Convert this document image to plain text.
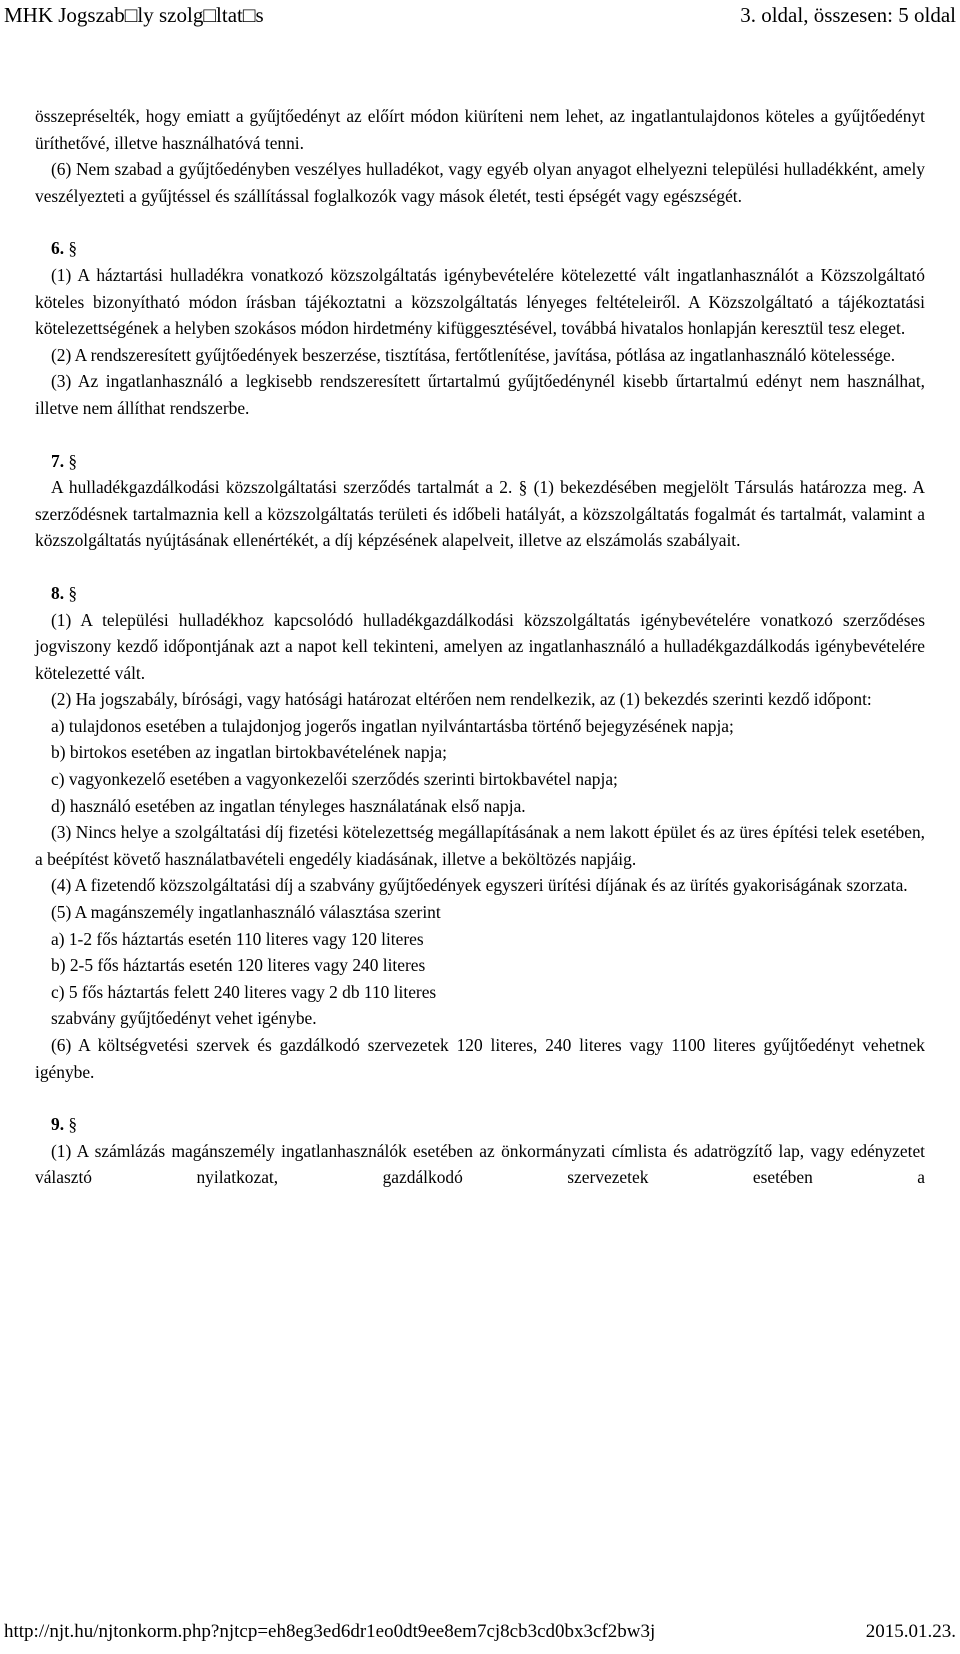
MHK Jogszab□ly szolg□ltat□s	3. oldal, összesen: 5 oldal

összepréselték, hogy emiatt a gyűjtőedényt az előírt módon kiüríteni nem lehet, az ingatlantulajdonos köteles a gyűjtőedényt üríthetővé, illetve használhatóvá tenni.

(6) Nem szabad a gyűjtőedényben veszélyes hulladékot, vagy egyéb olyan anyagot elhelyezni települési hulladékként, amely veszélyezteti a gyűjtéssel és szállítással foglalkozók vagy mások életét, testi épségét vagy egészségét.

6. §

(1) A háztartási hulladékra vonatkozó közszolgáltatás igénybevételére kötelezetté vált ingatlanhasználót a Közszolgáltató köteles bizonyítható módon írásban tájékoztatni a közszolgáltatás lényeges feltételeiről. A Közszolgáltató a tájékoztatási kötelezettségének a helyben szokásos módon hirdetmény kifüggesztésével, továbbá hivatalos honlapján keresztül tesz eleget.

(2) A rendszeresített gyűjtőedények beszerzése, tisztítása, fertőtlenítése, javítása, pótlása az ingatlanhasználó kötelessége.

(3) Az ingatlanhasználó a legkisebb rendszeresített űrtartalmú gyűjtőedénynél kisebb űrtartalmú edényt nem használhat, illetve nem állíthat rendszerbe.

7. §

A hulladékgazdálkodási közszolgáltatási szerződés tartalmát a 2. § (1) bekezdésében megjelölt Társulás határozza meg. A szerződésnek tartalmaznia kell a közszolgáltatás területi és időbeli hatályát, a közszolgáltatás fogalmát és tartalmát, valamint a közszolgáltatás nyújtásának ellenértékét, a díj képzésének alapelveit, illetve az elszámolás szabályait.

8. §

(1) A települési hulladékhoz kapcsolódó hulladékgazdálkodási közszolgáltatás igénybevételére vonatkozó szerződéses jogviszony kezdő időpontjának azt a napot kell tekinteni, amelyen az ingatlanhasználó a hulladékgazdálkodás igénybevételére kötelezetté vált.

(2) Ha jogszabály, bírósági, vagy hatósági határozat eltérően nem rendelkezik, az (1) bekezdés szerinti kezdő időpont:

a) tulajdonos esetében a tulajdonjog jogerős ingatlan nyilvántartásba történő bejegyzésének napja;

b) birtokos esetében az ingatlan birtokbavételének napja;

c) vagyonkezelő esetében a vagyonkezelői szerződés szerinti birtokbavétel napja;

d) használó esetében az ingatlan tényleges használatának első napja.

(3) Nincs helye a szolgáltatási díj fizetési kötelezettség megállapításának a nem lakott épület és az üres építési telek esetében, a beépítést követő használatbavételi engedély kiadásának, illetve a beköltözés napjáig.

(4) A fizetendő közszolgáltatási díj a szabvány gyűjtőedények egyszeri ürítési díjának és az ürítés gyakoriságának szorzata.

(5) A magánszemély ingatlanhasználó választása szerint

a) 1-2 fős háztartás esetén 110 literes vagy 120 literes

b) 2-5 fős háztartás esetén 120 literes vagy 240 literes

c) 5 fős háztartás felett 240 literes vagy 2 db 110 literes

szabvány gyűjtőedényt vehet igénybe.

(6) A költségvetési szervek és gazdálkodó szervezetek 120 literes, 240 literes vagy 1100 literes gyűjtőedényt vehetnek igénybe.

9. §

(1) A számlázás magánszemély ingatlanhasználók esetében az önkormányzati címlista és adatrögzítő lap, vagy edényzetet választó nyilatkozat, gazdálkodó szervezetek esetében a

http://njt.hu/njtonkorm.php?njtcp=eh8eg3ed6dr1eo0dt9ee8em7cj8cb3cd0bx3cf2bw3j	2015.01.23.
